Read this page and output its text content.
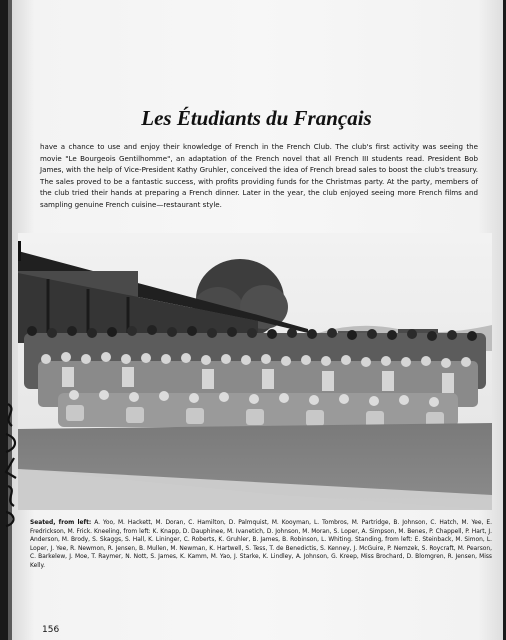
Les Étudiants du Français

have a chance to use and enjoy their knowledge of French in the French Club. The club's first activity was seeing the movie "Le Bourgeois Gentilhomme", an adaptation of the French novel that all French III students read. President Bob James, with the help of Vice-President Kathy Gruhler, conceived the idea of French bread sales to boost the club's treasury. The sales proved to be a fantastic success, with profits providing funds for the Christmas party. At the party, members of the club tried their hands at preparing a French dinner. Later in the year, the club enjoyed seeing more French films and sampling genuine French cuisine—restaurant style.

Seated, from left: A. Yoo, M. Hackett, M. Doran, C. Hamilton, D. Palmquist, M. Kooyman, L. Tombros, M. Partridge, B. Johnson, C. Hatch, M. Yee, E. Fredrickson, M. Frick. Kneeling, from left: K. Knapp, D. Dauphinee, M. Ivanetich, D. Johnson, M. Moran, S. Loper, A. Simpson, M. Benes, P. Chappell, P. Hart, J. Anderson, M. Brody, S. Skaggs, S. Hall, K. Lininger, C. Roberts, K. Gruhler, B. James, B. Robinson, L. Whiting. Standing, from left: E. Steinback, M. Simon, L. Loper, J. Yee, R. Newmon, R. Jensen, B. Mullen, M. Newman, K. Hartwell, S. Tess, T. de Benedictis, S. Kenney, J. McGuire, P. Nemzek, S. Roycraft, M. Pearson, C. Barkelew, J. Moe, T. Raymer, N. Nott, S. James, K. Kamm, M. Yao, J. Starke, K. Lindley, A. Johnson, G. Kreep, Miss Brochard, D. Blomgren, R. Jensen, Miss Kelly.

156
